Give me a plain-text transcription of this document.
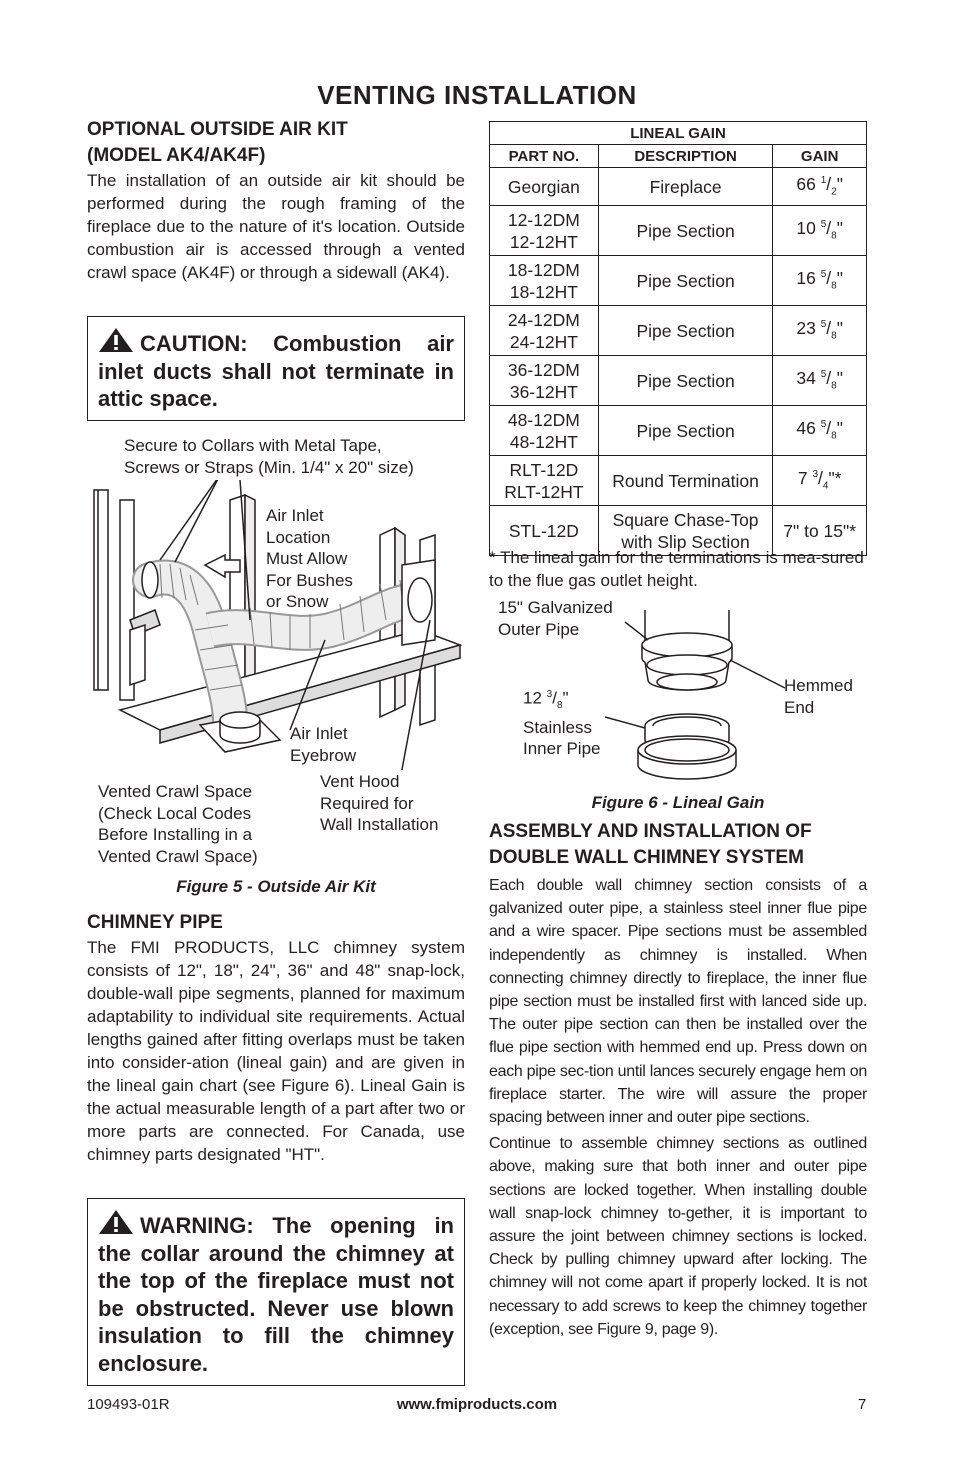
VENTING INSTALLATION
OPTIONAL OUTSIDE AIR KIT
(MODEL AK4/AK4F)

The installation of an outside air kit should be performed during the rough framing of the fireplace due to the nature of it's location. Outside combustion air is accessed through a vented crawl space (AK4F) or through a sidewall (AK4).

CAUTION: Combustion air inlet ducts shall not terminate in attic space.
Secure to Collars with Metal Tape,
Screws or Straps (Min. 1/4" x 20" size)
Air Inlet
Location
Must Allow
For Bushes
or Snow
Air Inlet
Eyebrow
Vent Hood
Required for
Wall Installation
Vented Crawl Space
(Check Local Codes
Before Installing in a
Vented Crawl Space)
Figure 5 - Outside Air Kit
CHIMNEY PIPE

The FMI PRODUCTS, LLC chimney system consists of 12", 18", 24", 36" and 48" snap-lock, double-wall pipe segments, planned for maximum adaptability to individual site requirements. Actual lengths gained after fitting overlaps must be taken into consider-ation (lineal gain) and are given in the lineal gain chart (see Figure 6). Lineal Gain is the actual measurable length of a part after two or more parts are connected. For Canada, use chimney parts designated "HT".

WARNING: The opening in the collar around the chimney at the top of the fireplace must not be obstructed. Never use blown insulation to fill the chimney enclosure.
LINEAL GAIN		
PART NO.	DESCRIPTION	GAIN

Georgian	Fireplace	66 $^1/_2$"

12-12DM
12-12HT	Pipe Section	10 $^5/_8$"

18-12DM
18-12HT	Pipe Section	16 $^5/_8$"

24-12DM
24-12HT	Pipe Section	23 $^5/_8$"

36-12DM
36-12HT	Pipe Section	34 $^5/_8$"

48-12DM
48-12HT	Pipe Section	46 $^5/_8$"

RLT-12D
RLT-12HT	Round Termination	7 $^3/_4"*$

STL-12D	Square Chase-Top
with Slip Section	7" to 15"*

* The lineal gain for the terminations is mea-sured to the flue gas outlet height.

15" Galvanized
Outer Pipe
12 $^3/_8$"
Stainless
Inner Pipe
Hemmed
End
Figure 6 - Lineal Gain
ASSEMBLY AND INSTALLATION OF
DOUBLE WALL CHIMNEY SYSTEM

Each double wall chimney section consists of a galvanized outer pipe, a stainless steel inner flue pipe and a wire spacer. Pipe sections must be assembled independently as chimney is installed. When connecting chimney directly to fireplace, the inner flue pipe section must be installed first with lanced side up. The outer pipe section can then be installed over the flue pipe section with hemmed end up. Press down on each pipe sec-tion until lances securely engage hem on fireplace starter. The wire will assure the proper spacing between inner and outer pipe sections.

Continue to assemble chimney sections as outlined above, making sure that both inner and outer pipe sections are locked together. When installing double wall snap-lock chimney to-gether, it is important to assure the joint between chimney sections is locked. Check by pulling chimney upward after locking. The chimney will not come apart if properly locked. It is not necessary to add screws to keep the chimney together (exception, see Figure 9, page 9).

109493-01R	www.fmiproducts.com	7
